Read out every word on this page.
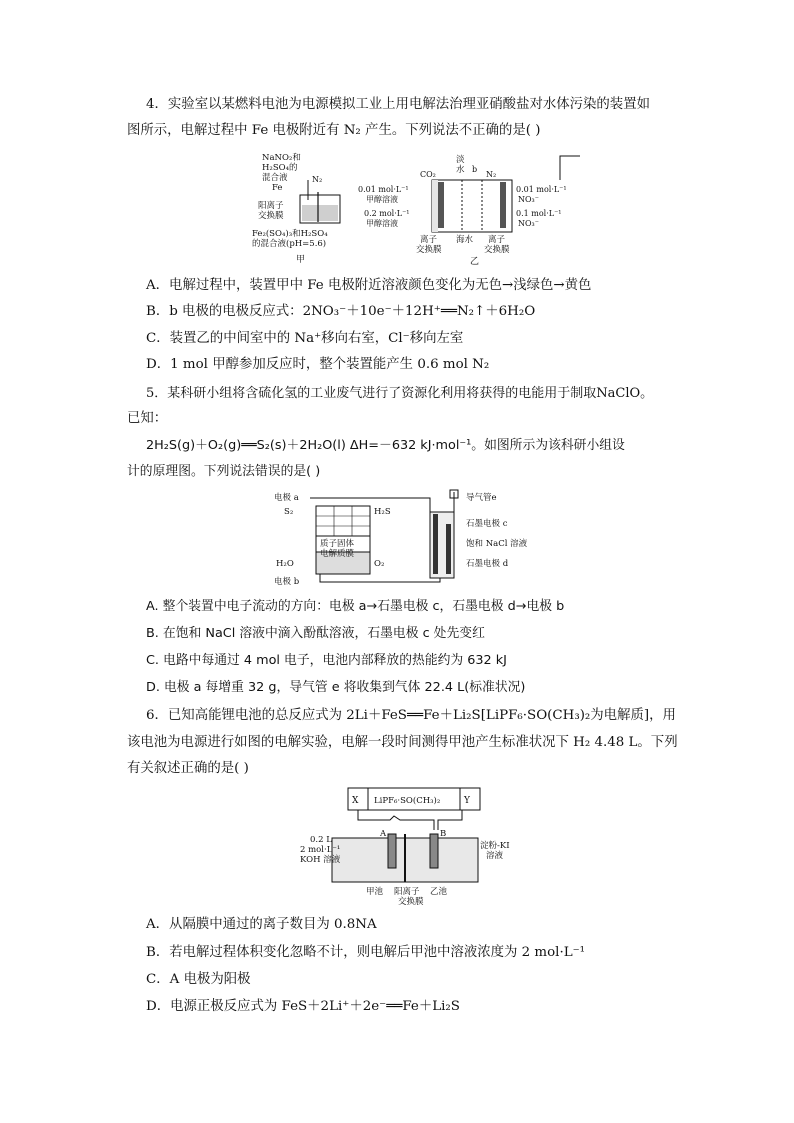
4．实验室以某燃料电池为电源模拟工业上用电解法治理亚硝酸盐对水体污染的装置如
图所示，电解过程中 Fe 电极附近有 N₂ 产生。下列说法不正确的是( )
NaNO₂和
H₂SO₄的
混合液
Fe
N₂
阳离子
交换膜
Fe₂(SO₄)₃和H₂SO₄
的混合液(pH=5.6)
甲
CO₂
淡
水 b
N₂
0.01 mol·L⁻¹
甲醇溶液
0.2 mol·L⁻¹
甲醇溶液
0.01 mol·L⁻¹
NO₃⁻
0.1 mol·L⁻¹
NO₃⁻
离子
交换膜
海水 离子
交换膜
乙
A．电解过程中，装置甲中 Fe 电极附近溶液颜色变化为无色→浅绿色→黄色
B．b 电极的电极反应式：2NO₃⁻＋10e⁻＋12H⁺══N₂↑＋6H₂O
C．装置乙的中间室中的 Na⁺移向右室，Cl⁻移向左室
D．1 mol 甲醇参加反应时，整个装置能产生 0.6 mol N₂
5．某科研小组将含硫化氢的工业废气进行了资源化利用将获得的电能用于制取NaClO。
已知：
2H₂S(g)＋O₂(g)══S₂(s)＋2H₂O(l) ΔH=－632 kJ·mol⁻¹。如图所示为该科研小组设
计的原理图。下列说法错误的是( )
电极 a
S₂	H₂S
质子固体
电解质膜
H₂O	O₂
电极 b
导气管e
石墨电极 c
饱和 NaCl 溶液
石墨电极 d
A. 整个装置中电子流动的方向：电极 a→石墨电极 c，石墨电极 d→电极 b
B. 在饱和 NaCl 溶液中滴入酚酞溶液，石墨电极 c 处先变红
C. 电路中每通过 4 mol 电子，电池内部释放的热能约为 632 kJ
D. 电极 a 每增重 32 g，导气管 e 将收集到气体 22.4 L(标准状况)
6．已知高能锂电池的总反应式为 2Li＋FeS══Fe＋Li₂S[LiPF₆·SO(CH₃)₂为电解质]，用
该电池为电源进行如图的电解实验，电解一段时间测得甲池产生标准状况下 H₂ 4.48 L。下列
有关叙述正确的是( )
X LiPF₆·SO(CH₃)₂	Y
A	B
0.2 L
2 mol·L⁻¹
KOH 溶液
淀粉-KI
溶液
甲池 阳离子
交换膜
乙池
A．从隔膜中通过的离子数目为 0.8NA
B．若电解过程体积变化忽略不计，则电解后甲池中溶液浓度为 2 mol·L⁻¹
C．A 电极为阳极
D．电源正极反应式为 FeS＋2Li⁺＋2e⁻══Fe＋Li₂S
